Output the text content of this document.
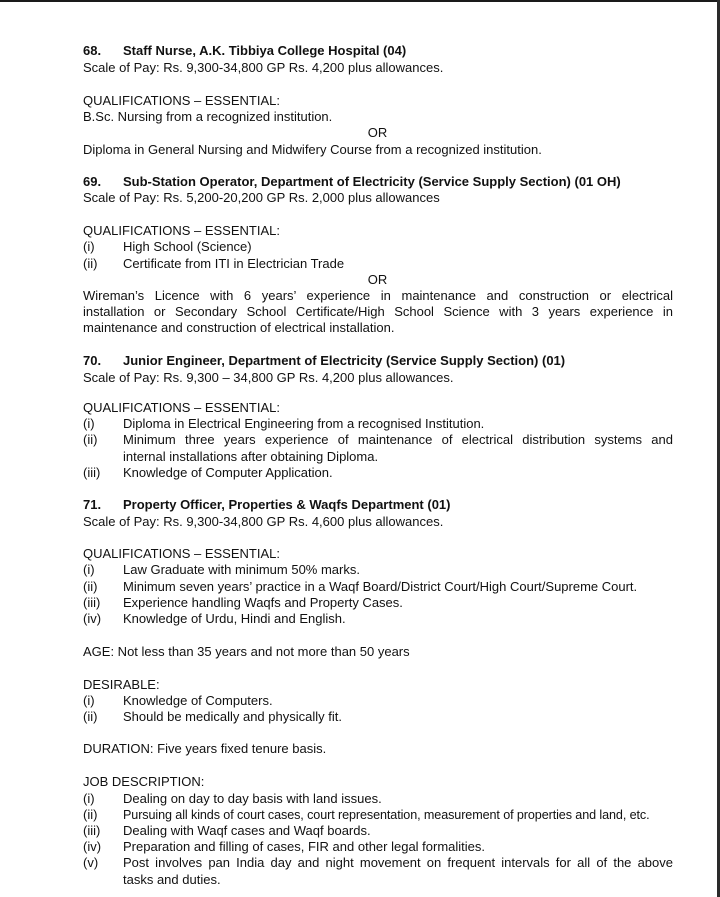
68. Staff Nurse, A.K. Tibbiya College Hospital (04)
Scale of Pay: Rs. 9,300-34,800 GP Rs. 4,200 plus allowances.
QUALIFICATIONS – ESSENTIAL:
B.Sc. Nursing from a recognized institution.
OR
Diploma in General Nursing and Midwifery Course from a recognized institution.
69. Sub-Station Operator, Department of Electricity (Service Supply Section) (01 OH)
Scale of Pay: Rs. 5,200-20,200 GP Rs. 2,000 plus allowances
QUALIFICATIONS – ESSENTIAL:
(i) High School (Science)
(ii) Certificate from ITI in Electrician Trade
OR
Wireman’s Licence with 6 years’ experience in maintenance and construction or electrical
installation or Secondary School Certificate/High School Science with 3 years experience in
maintenance and construction of electrical installation.
70. Junior Engineer, Department of Electricity (Service Supply Section) (01)
Scale of Pay: Rs. 9,300 – 34,800 GP Rs. 4,200 plus allowances.
QUALIFICATIONS – ESSENTIAL:
(i) Diploma in Electrical Engineering from a recognised Institution.
(ii) Minimum three years experience of maintenance of electrical distribution systems and
internal installations after obtaining Diploma.
(iii) Knowledge of Computer Application.
71. Property Officer, Properties & Waqfs Department (01)
Scale of Pay: Rs. 9,300-34,800 GP Rs. 4,600 plus allowances.
QUALIFICATIONS – ESSENTIAL:
(i) Law Graduate with minimum 50% marks.
(ii) Minimum seven years’ practice in a Waqf Board/District Court/High Court/Supreme Court.
(iii) Experience handling Waqfs and Property Cases.
(iv) Knowledge of Urdu, Hindi and English.
AGE: Not less than 35 years and not more than 50 years
DESIRABLE:
(i) Knowledge of Computers.
(ii) Should be medically and physically fit.
DURATION: Five years fixed tenure basis.
JOB DESCRIPTION:
(i) Dealing on day to day basis with land issues.
(ii) Pursuing all kinds of court cases, court representation, measurement of properties and land, etc.
(iii) Dealing with Waqf cases and Waqf boards.
(iv) Preparation and filling of cases, FIR and other legal formalities.
(v) Post involves pan India day and night movement on frequent intervals for all of the above
tasks and duties.
